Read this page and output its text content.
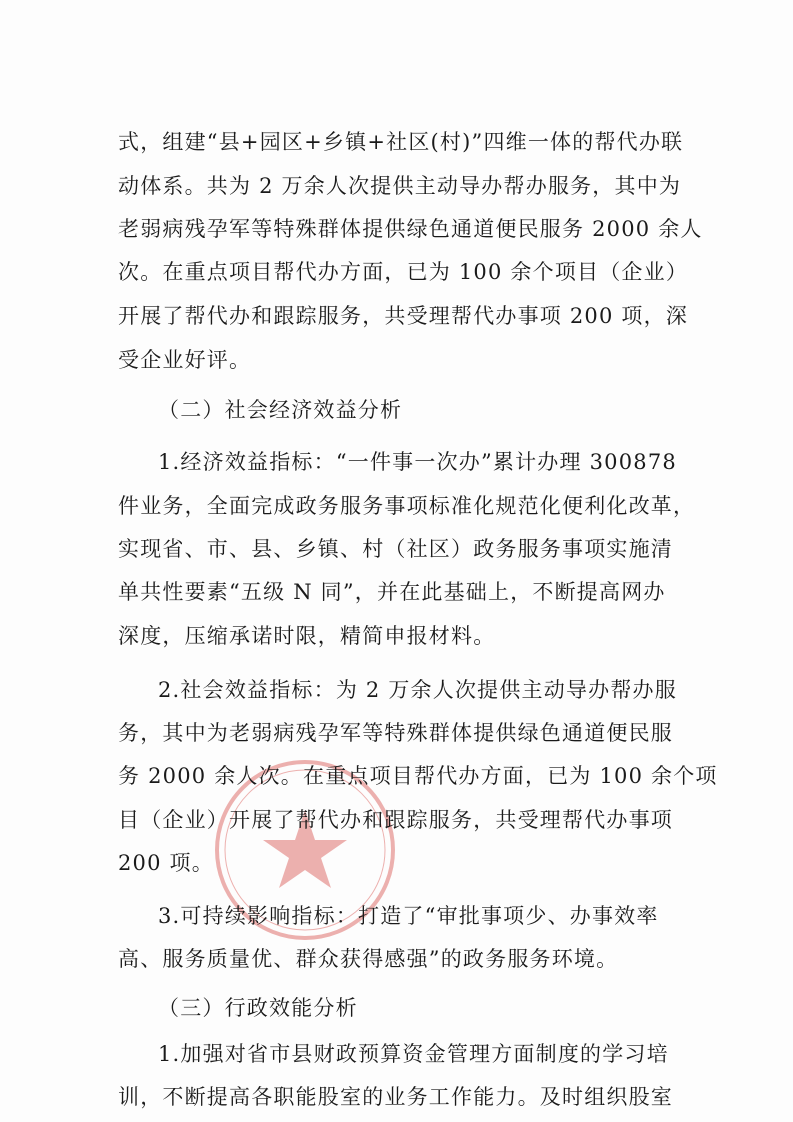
式，组建“县+园区+乡镇+社区(村)”四维一体的帮代办联
动体系。共为 2 万余人次提供主动导办帮办服务，其中为
老弱病残孕军等特殊群体提供绿色通道便民服务 2000 余人
次。在重点项目帮代办方面，已为 100 余个项目（企业）
开展了帮代办和跟踪服务，共受理帮代办事项 200 项，深
受企业好评。
（二）社会经济效益分析
1.经济效益指标：“一件事一次办”累计办理 300878
件业务，全面完成政务服务事项标准化规范化便利化改革，
实现省、市、县、乡镇、村（社区）政务服务事项实施清
单共性要素“五级 N 同”，并在此基础上，不断提高网办
深度，压缩承诺时限，精简申报材料。
2.社会效益指标：为 2 万余人次提供主动导办帮办服
务，其中为老弱病残孕军等特殊群体提供绿色通道便民服
务 2000 余人次。在重点项目帮代办方面，已为 100 余个项
目（企业）开展了帮代办和跟踪服务，共受理帮代办事项
200 项。
3.可持续影响指标：打造了“审批事项少、办事效率
高、服务质量优、群众获得感强”的政务服务环境。
（三）行政效能分析
1.加强对省市县财政预算资金管理方面制度的学习培
训，不断提高各职能股室的业务工作能力。及时组织股室
